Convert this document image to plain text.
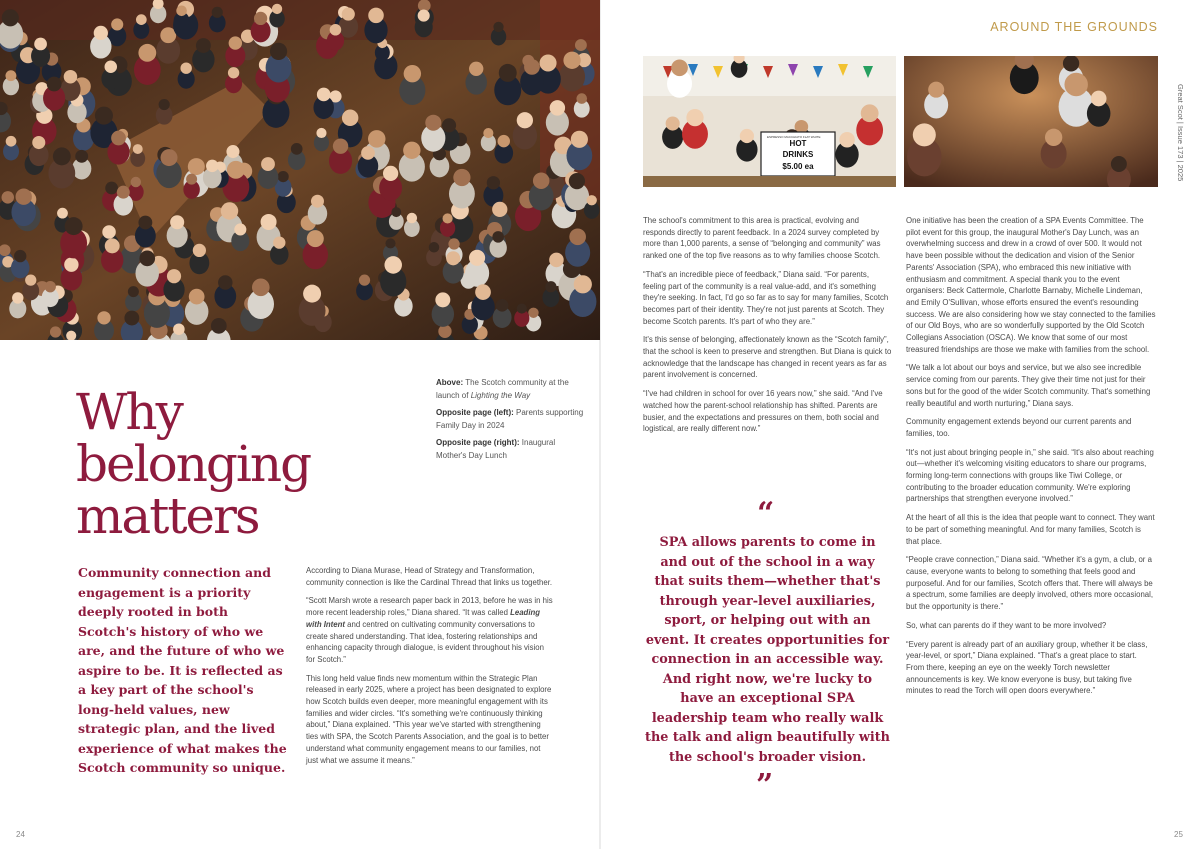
Why belonging matters

Above: The Scotch community at the launch of Lighting the Way

Opposite page (left): Parents supporting Family Day in 2024

Opposite page (right): Inaugural Mother's Day Lunch

Community connection and engagement is a priority deeply rooted in both Scotch's history of who we are, and the future of who we aspire to be. It is reflected as a key part of the school's long-held values, new strategic plan, and the lived experience of what makes the Scotch community so unique.

According to Diana Murase, Head of Strategy and Transformation, community connection is like the Cardinal Thread that links us together.

“Scott Marsh wrote a research paper back in 2013, before he was in his more recent leadership roles,” Diana shared. “It was called Leading with Intent and centred on cultivating community conversations to create shared understanding. That idea, fostering relationships and enhancing capacity through dialogue, is evident throughout his vision for Scotch.”

This long held value finds new momentum within the Strategic Plan released in early 2025, where a project has been designated to explore how Scotch builds even deeper, more meaningful engagement with its families and wider circles. “It's something we're continuously thinking about,” Diana explained. “This year we've started with strengthening ties with SPA, the Scotch Parents Association, and the goal is to better understand what community engagement means to our families, not just what we assume it means.”

AROUND THE GROUNDS
Great Scot | Issue 173 | 2025
HOT
DRINKS
$5.00 ea
ESPRESSO MACCHIATO FLAT WHITE

The school's commitment to this area is practical, evolving and responds directly to parent feedback. In a 2024 survey completed by more than 1,000 parents, a sense of “belonging and community” was ranked one of the top five reasons as to why families choose Scotch.

“That's an incredible piece of feedback,” Diana said. “For parents, feeling part of the community is a real value-add, and it's something they're seeking. In fact, I'd go so far as to say for many families, Scotch becomes part of their identity. They're not just parents at Scotch. They become Scotch parents. It's part of who they are.”

It's this sense of belonging, affectionately known as the “Scotch family”, that the school is keen to preserve and strengthen. But Diana is quick to acknowledge that the landscape has changed in recent years as far as parent involvement is concerned.

“I've had children in school for over 16 years now,” she said. “And I've watched how the parent-school relationship has shifted. Parents are busier, and the expectations and pressures on them, both social and logistical, are really different now.”

“

SPA allows parents to come in and out of the school in a way that suits them—whether that's through year-level auxiliaries, sport, or helping out with an event. It creates opportunities for connection in an accessible way. And right now, we're lucky to have an exceptional SPA leadership team who really walk the talk and align beautifully with the school's broader vision.

”

One initiative has been the creation of a SPA Events Committee. The pilot event for this group, the inaugural Mother's Day Lunch, was an overwhelming success and drew in a crowd of over 500. It would not have been possible without the dedication and vision of the Senior Parents' Association (SPA), who embraced this new initiative with enthusiasm and commitment. A special thank you to the event organisers: Beck Cattermole, Charlotte Barnaby, Michelle Lindeman, and Emily O'Sullivan, whose efforts ensured the event's resounding success. We are also considering how we stay connected to the families of our Old Boys, who are so wonderfully supported by the Old Scotch Collegians Association (OSCA). We know that some of our most treasured friendships are those we make with families from the school.

“We talk a lot about our boys and service, but we also see incredible service coming from our parents. They give their time not just for their sons but for the good of the wider Scotch community. That's something really beautiful and worth nurturing,” Diana says.

Community engagement extends beyond our current parents and families, too.

“It's not just about bringing people in,” she said. “It's also about reaching out—whether it's welcoming visiting educators to share our programs, forming long-term connections with groups like Tiwi College, or contributing to the broader education community. We're exploring partnerships that strengthen everyone involved.”

At the heart of all this is the idea that people want to connect. They want to be part of something meaningful. And for many families, Scotch is that place.

“People crave connection,” Diana said. “Whether it's a gym, a club, or a cause, everyone wants to belong to something that feels good and purposeful. And for our families, Scotch offers that. There will always be a spectrum, some families are deeply involved, others more occasional, but the opportunity is there.”

So, what can parents do if they want to be more involved?

“Every parent is already part of an auxiliary group, whether it be class, year-level, or sport,” Diana explained. “That's a great place to start. From there, keeping an eye on the weekly Torch newsletter announcements is key. We know everyone is busy, but taking five minutes to read the Torch will open doors everywhere.”

24	25
